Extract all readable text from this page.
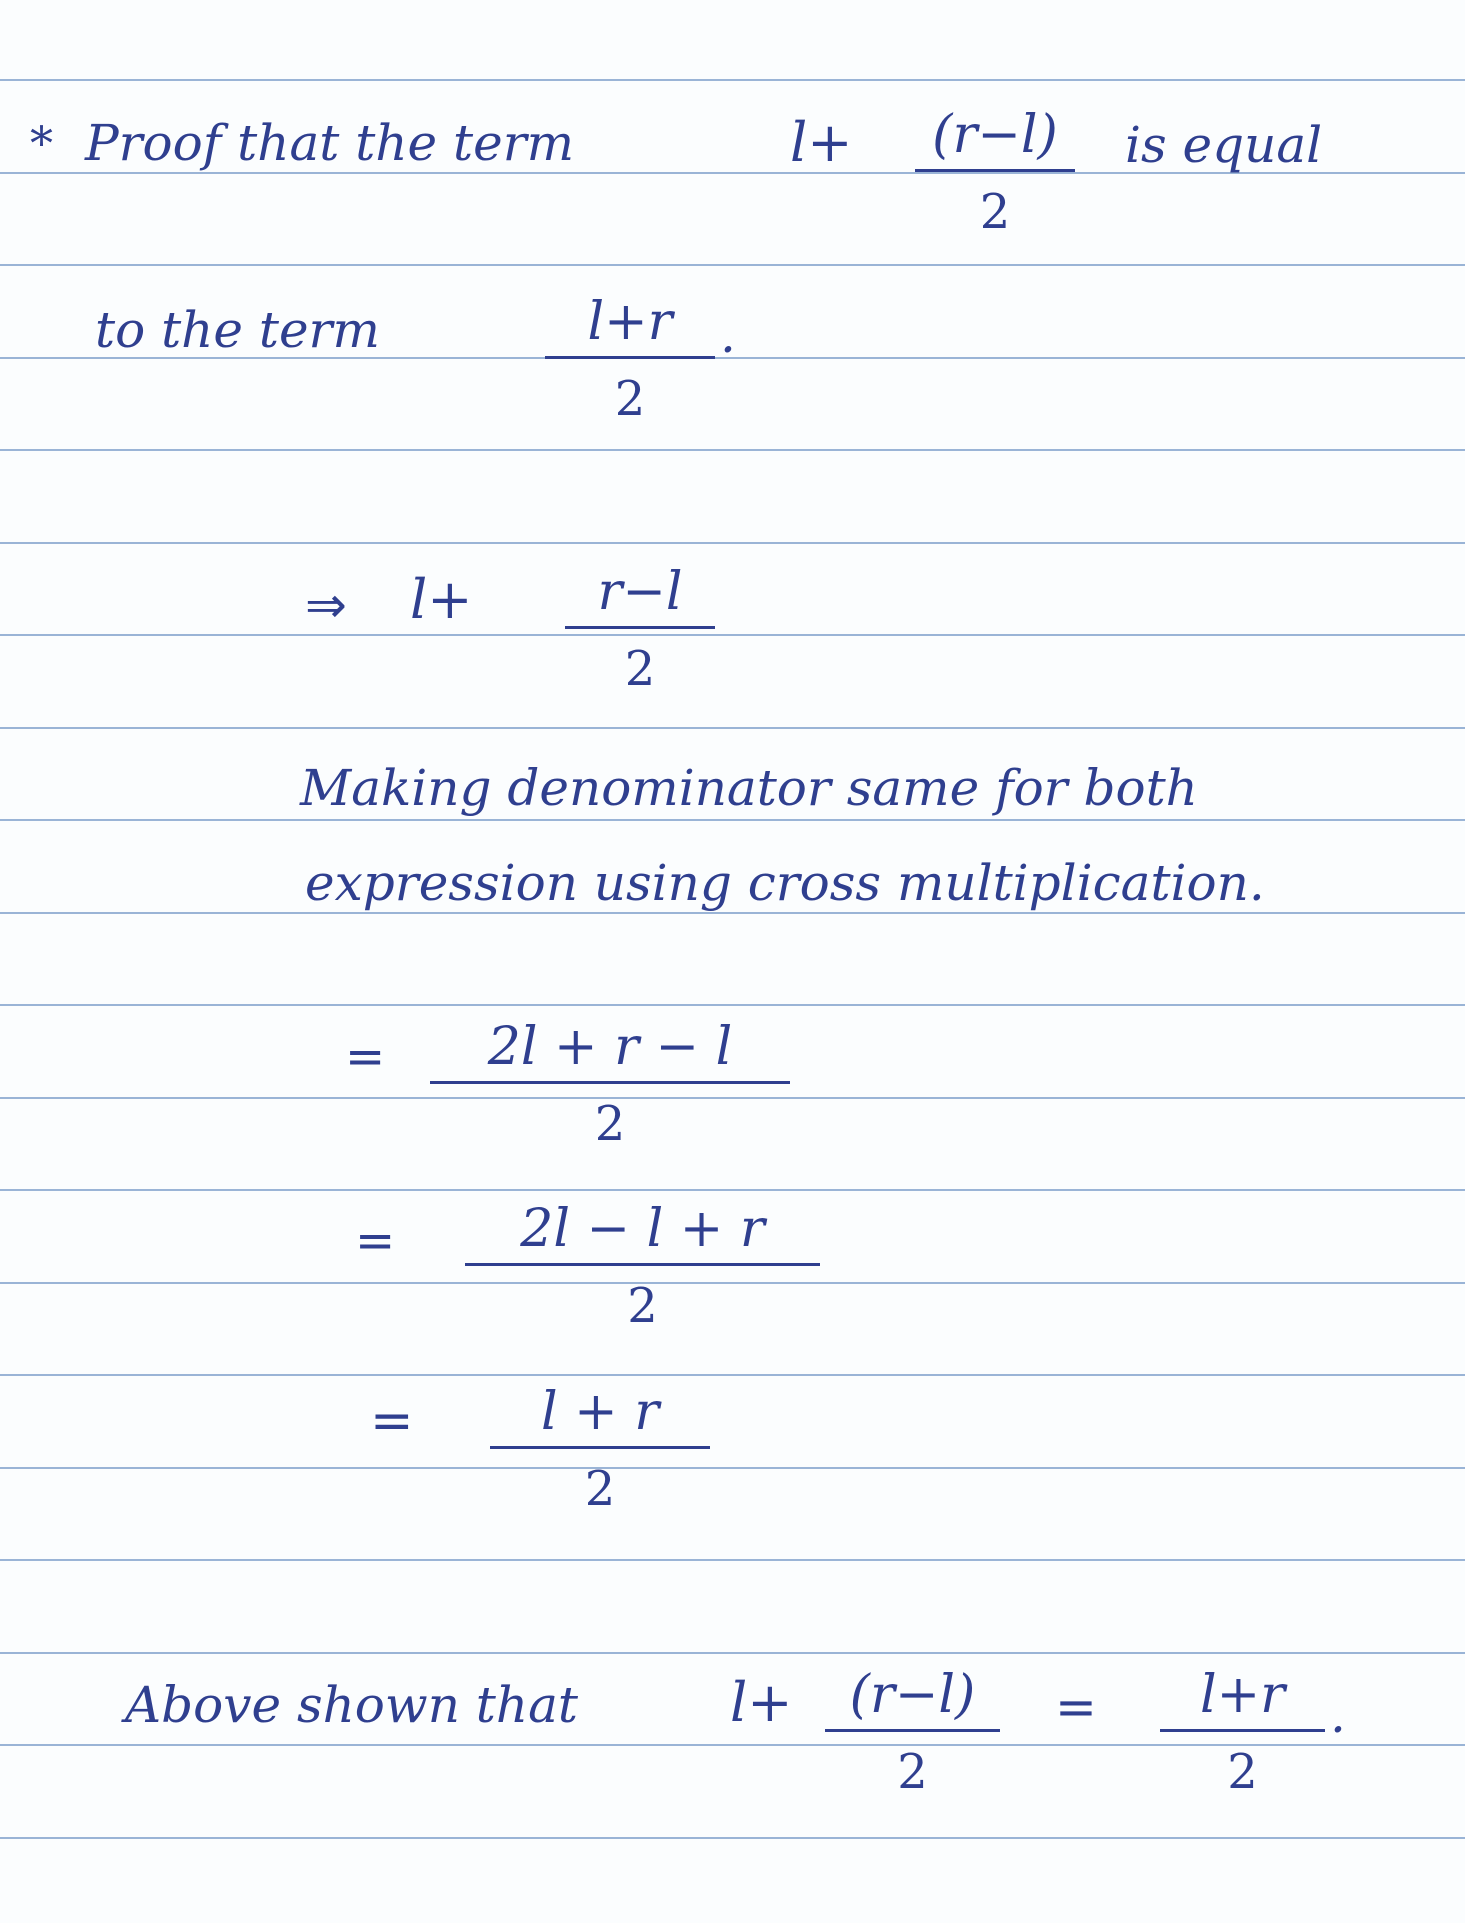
* Proof that the term	l+ (r−l)
2
is equal
to the term	l+r
2
.
⇒ l+ r−l
2
Making denominator same for both
expression using cross multiplication.
= 2l + r − l
2
= 2l − l + r
2
= l + r
2
Above shown that	l+ (r−l)
2
= l+r
2
.
